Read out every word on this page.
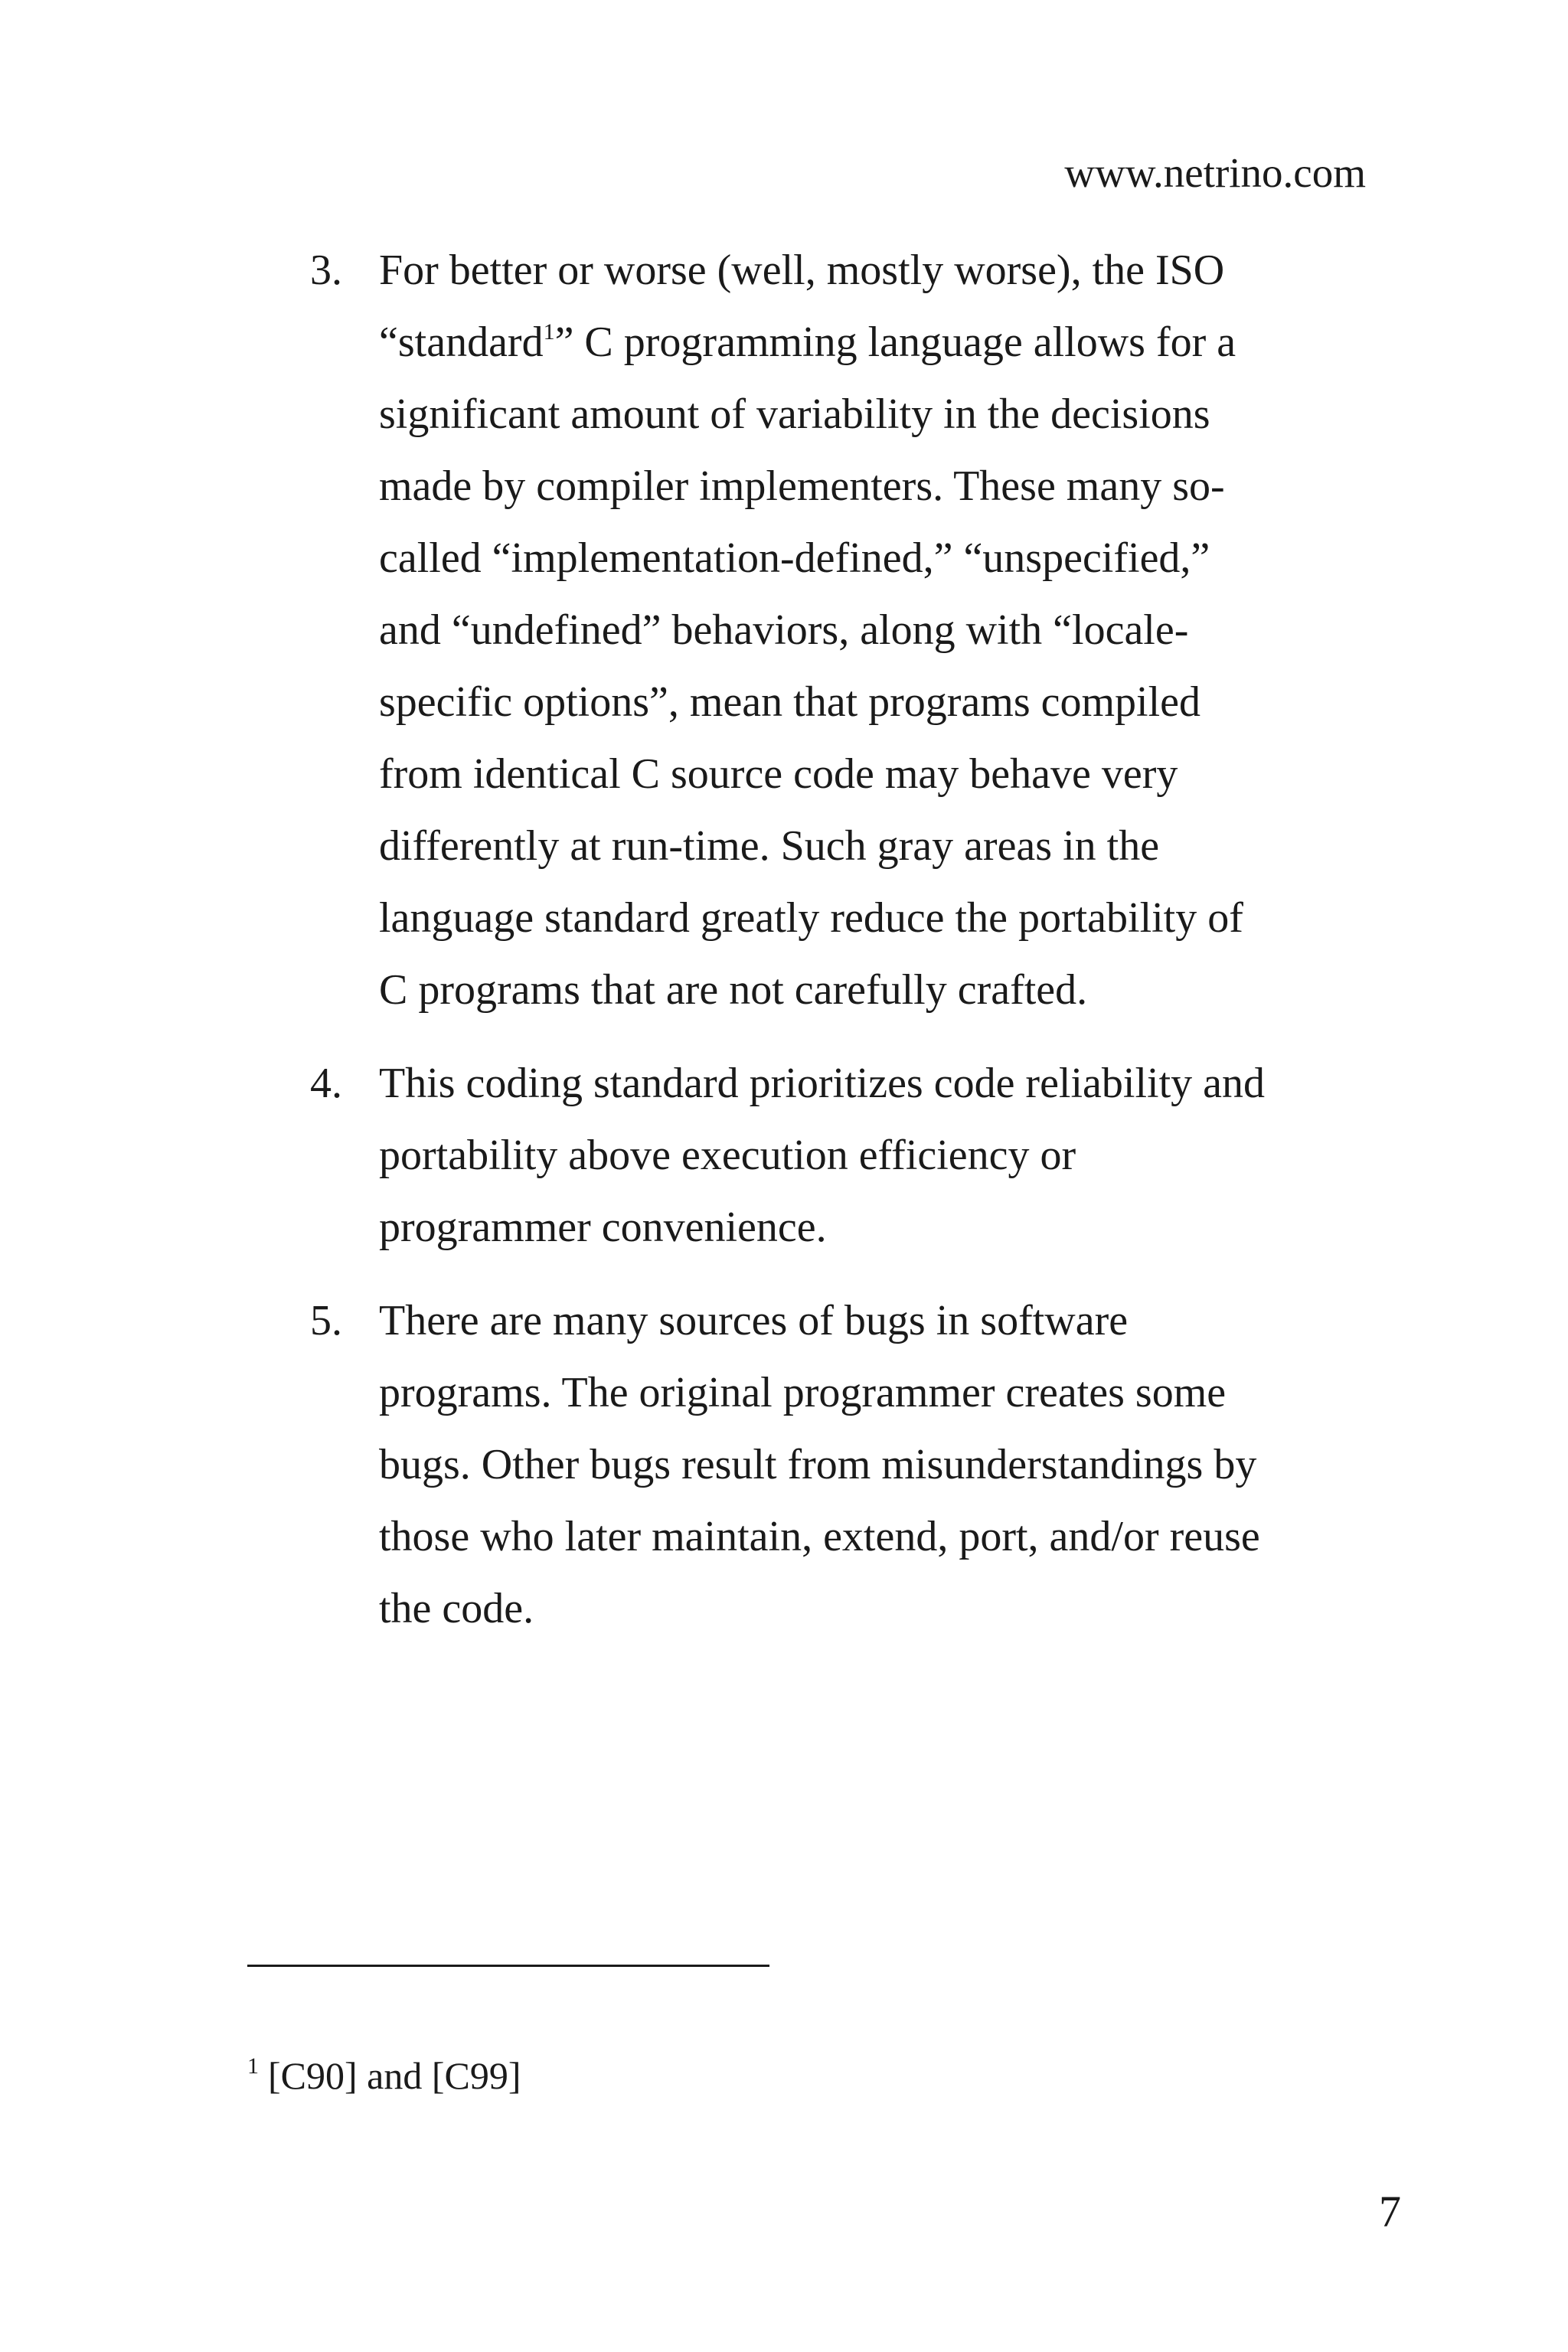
www.netrino.com
3. For better or worse (well, mostly worse), the ISO
“standard$^1$” C programming language allows for a
significant amount of variability in the decisions
made by compiler implementers. These many so-
called “implementation-defined,” “unspecified,”
and “undefined” behaviors, along with “locale-
specific options”, mean that programs compiled
from identical C source code may behave very
differently at run-time. Such gray areas in the
language standard greatly reduce the portability of
C programs that are not carefully crafted.
4. This coding standard prioritizes code reliability and
portability above execution efficiency or
programmer convenience.
5. There are many sources of bugs in software
programs. The original programmer creates some
bugs. Other bugs result from misunderstandings by
those who later maintain, extend, port, and/or reuse
the code.
$^1$ [C90] and [C99]
7
